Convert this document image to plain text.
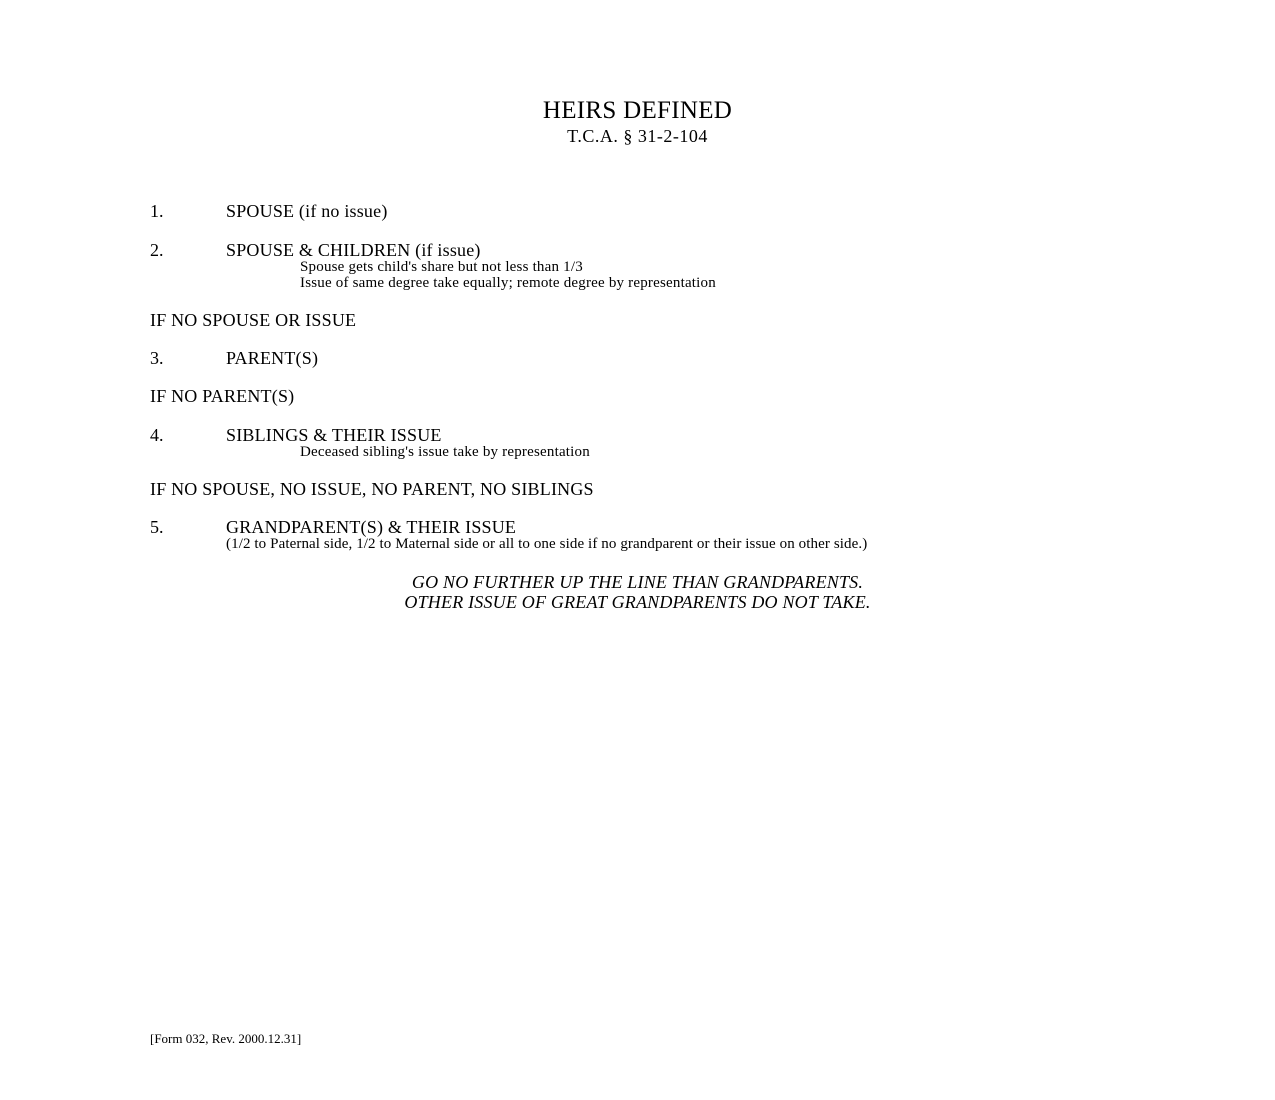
HEIRS DEFINED
T.C.A. § 31-2-104
1.	SPOUSE (if no issue)
2.	SPOUSE & CHILDREN (if issue)
Spouse gets child's share but not less than 1/3
Issue of same degree take equally; remote degree by representation
IF NO SPOUSE OR ISSUE
3.	PARENT(S)
IF NO PARENT(S)
4.	SIBLINGS & THEIR ISSUE
Deceased sibling's issue take by representation
IF NO SPOUSE, NO ISSUE, NO PARENT, NO SIBLINGS
5.	GRANDPARENT(S) & THEIR ISSUE
(1/2 to Paternal side, 1/2 to Maternal side or all to one side if no grandparent or their issue on other side.)
GO NO FURTHER UP THE LINE THAN GRANDPARENTS.
OTHER ISSUE OF GREAT GRANDPARENTS DO NOT TAKE.
[Form 032, Rev. 2000.12.31]
